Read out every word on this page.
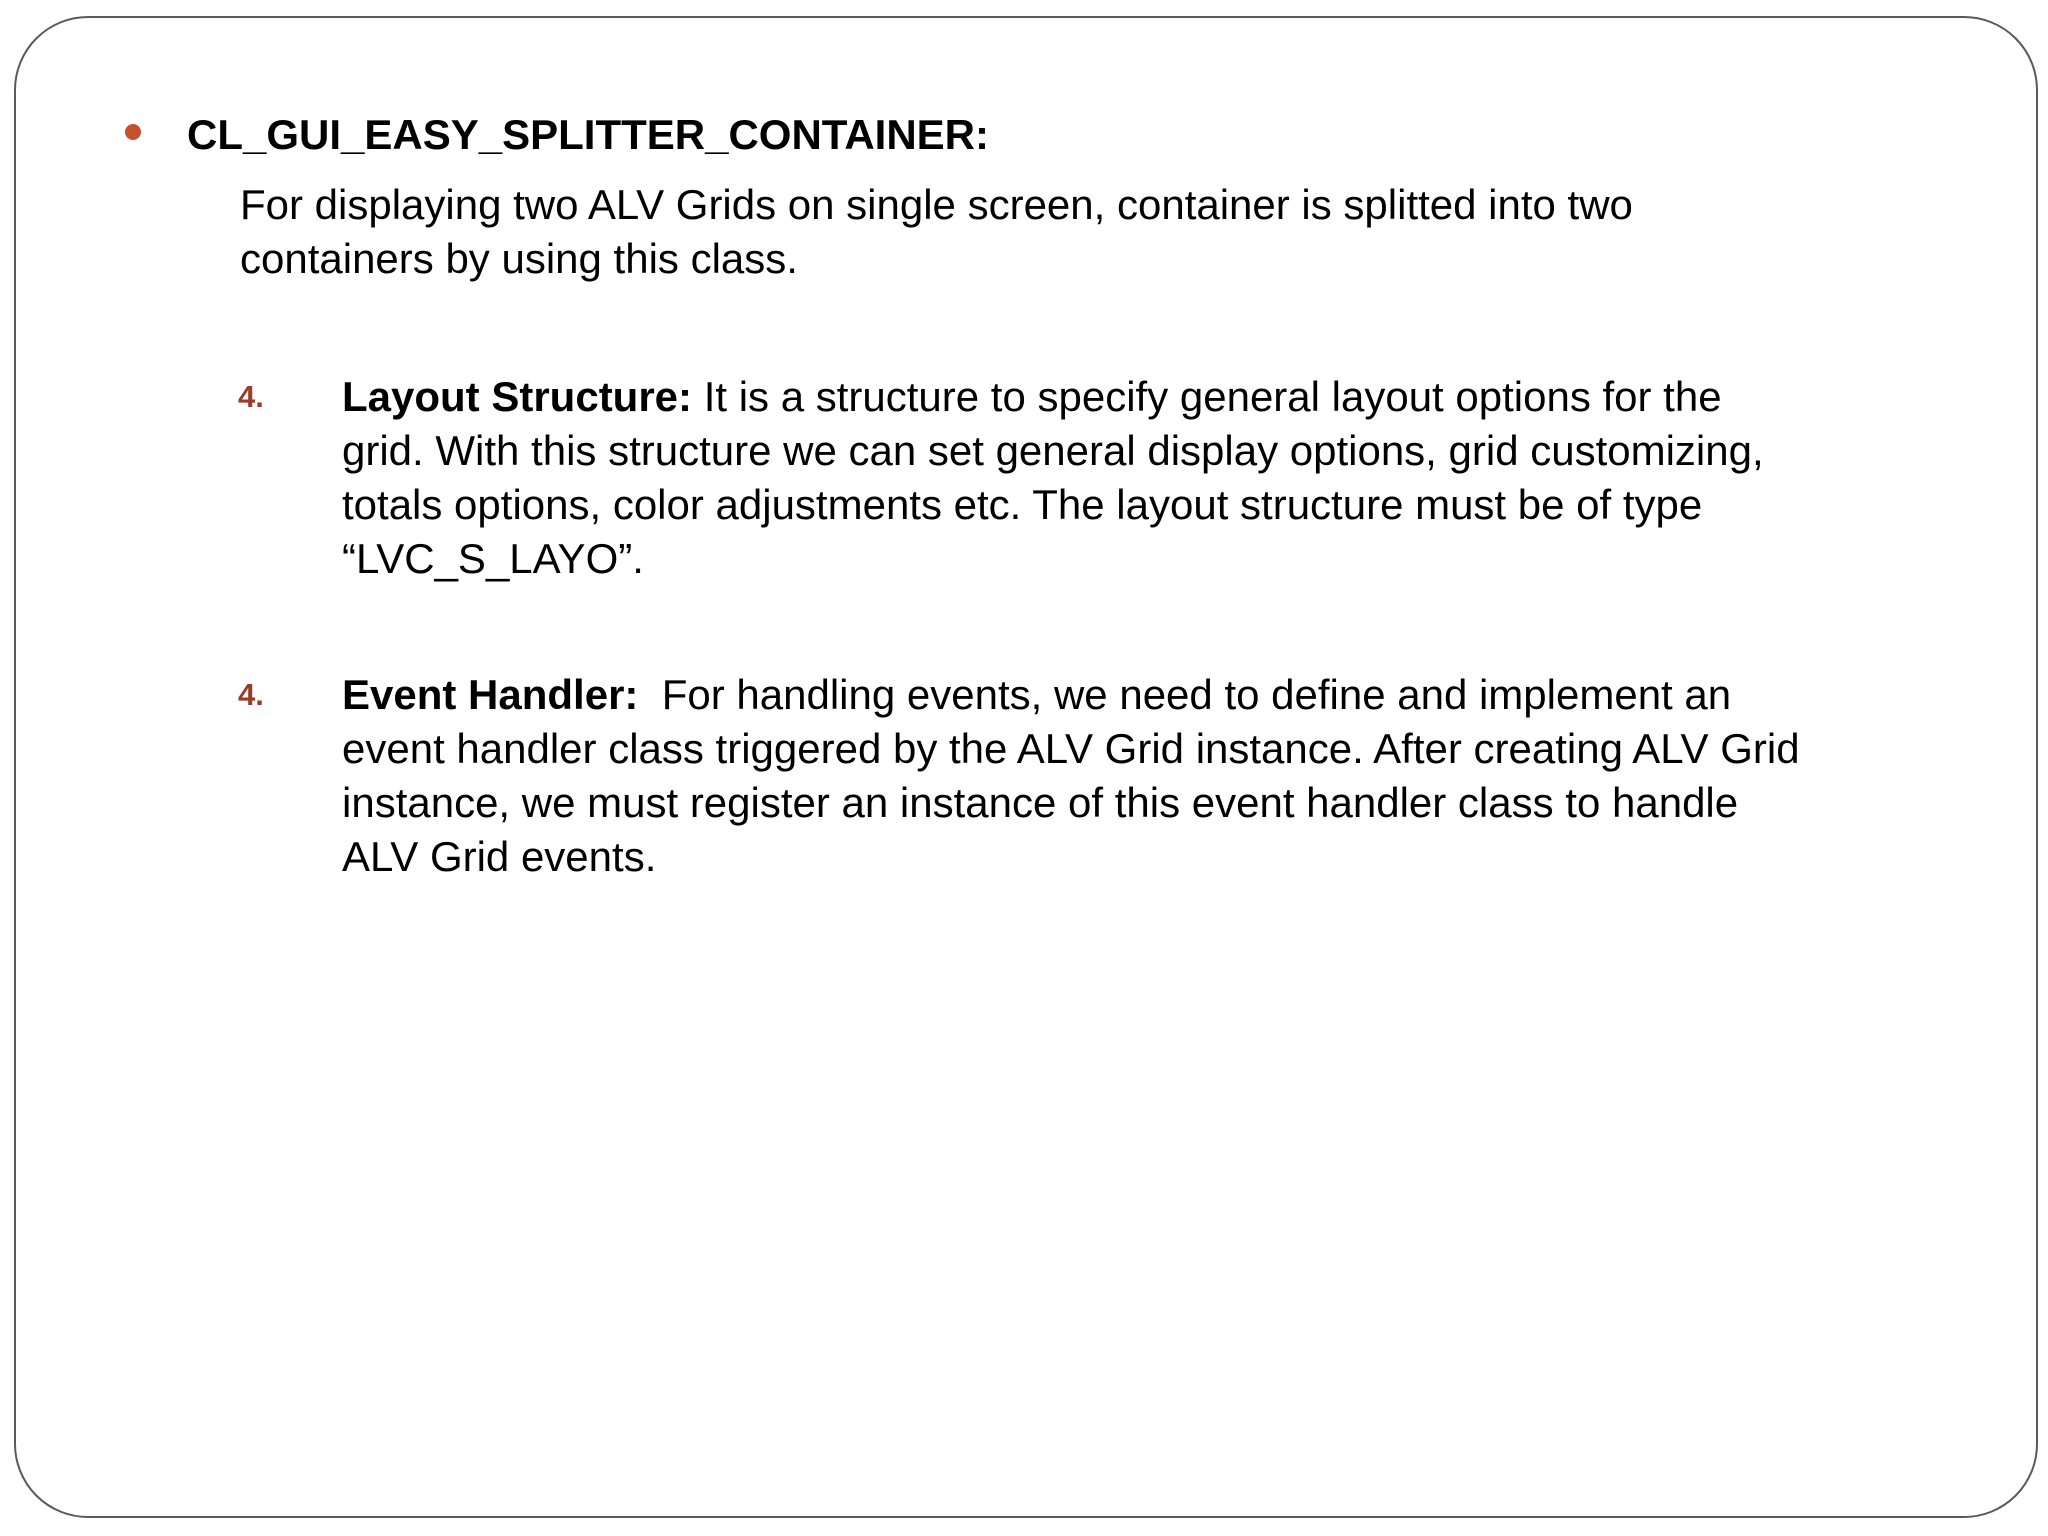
CL_GUI_EASY_SPLITTER_CONTAINER:
For displaying two ALV Grids on single screen, container is splitted into two
containers by using this class.
4. Layout Structure: It is a structure to specify general layout options for the
grid. With this structure we can set general display options, grid customizing,
totals options, color adjustments etc. The layout structure must be of type
“LVC_S_LAYO”.
4. Event Handler:  For handling events, we need to define and implement an
event handler class triggered by the ALV Grid instance. After creating ALV Grid
instance, we must register an instance of this event handler class to handle
ALV Grid events.
